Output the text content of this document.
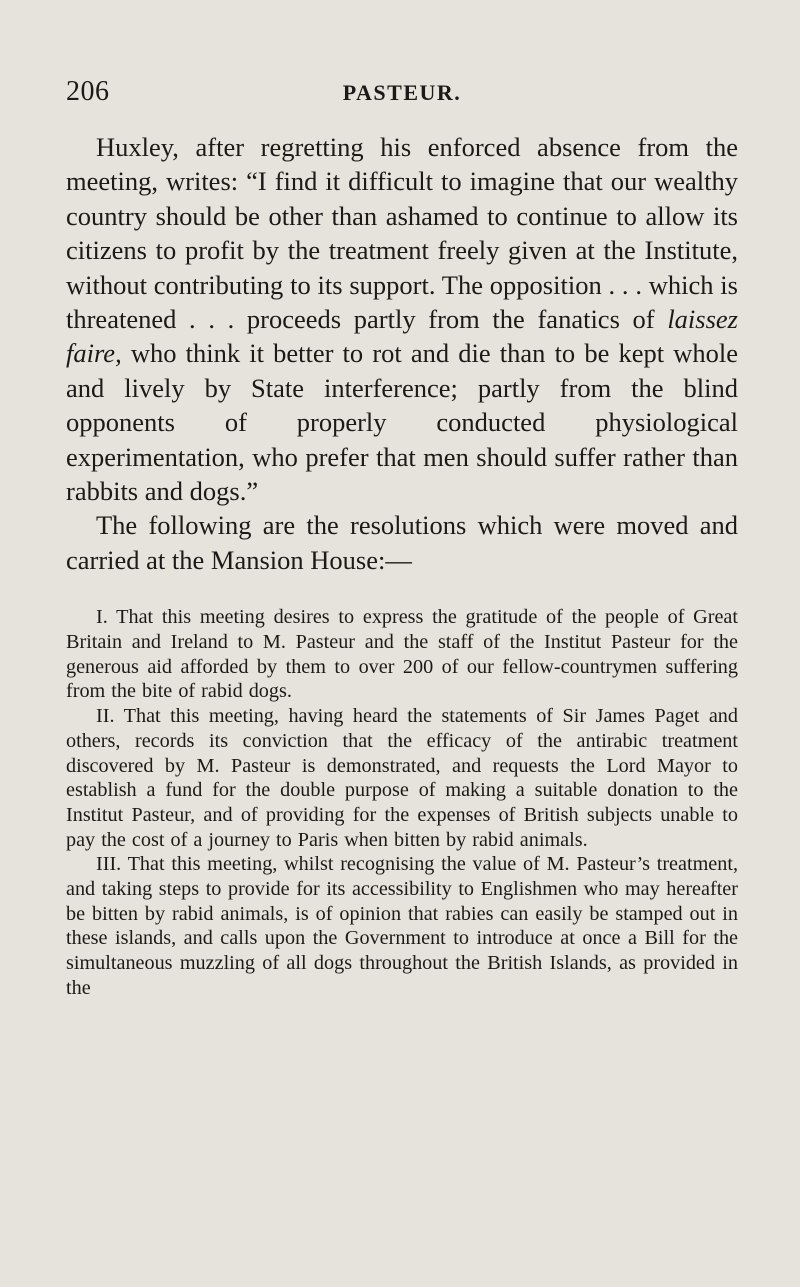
206	PASTEUR.

Huxley, after regretting his enforced absence from the meeting, writes: “I find it difficult to imagine that our wealthy country should be other than ashamed to continue to allow its citizens to profit by the treatment freely given at the Institute, without contributing to its support. The opposition . . . which is threatened . . . proceeds partly from the fanatics of laissez faire, who think it better to rot and die than to be kept whole and lively by State interference; partly from the blind opponents of properly conducted physiological experimentation, who prefer that men should suffer rather than rabbits and dogs.”

The following are the resolutions which were moved and carried at the Mansion House:—

I. That this meeting desires to express the gratitude of the people of Great Britain and Ireland to M. Pasteur and the staff of the Institut Pasteur for the generous aid afforded by them to over 200 of our fellow-countrymen suffering from the bite of rabid dogs.

II. That this meeting, having heard the statements of Sir James Paget and others, records its conviction that the efficacy of the antirabic treatment discovered by M. Pasteur is demonstrated, and requests the Lord Mayor to establish a fund for the double purpose of making a suitable donation to the Institut Pasteur, and of providing for the expenses of British subjects unable to pay the cost of a journey to Paris when bitten by rabid animals.

III. That this meeting, whilst recognising the value of M. Pasteur’s treatment, and taking steps to provide for its accessibility to Englishmen who may hereafter be bitten by rabid animals, is of opinion that rabies can easily be stamped out in these islands, and calls upon the Government to introduce at once a Bill for the simultaneous muzzling of all dogs throughout the British Islands, as provided in the
